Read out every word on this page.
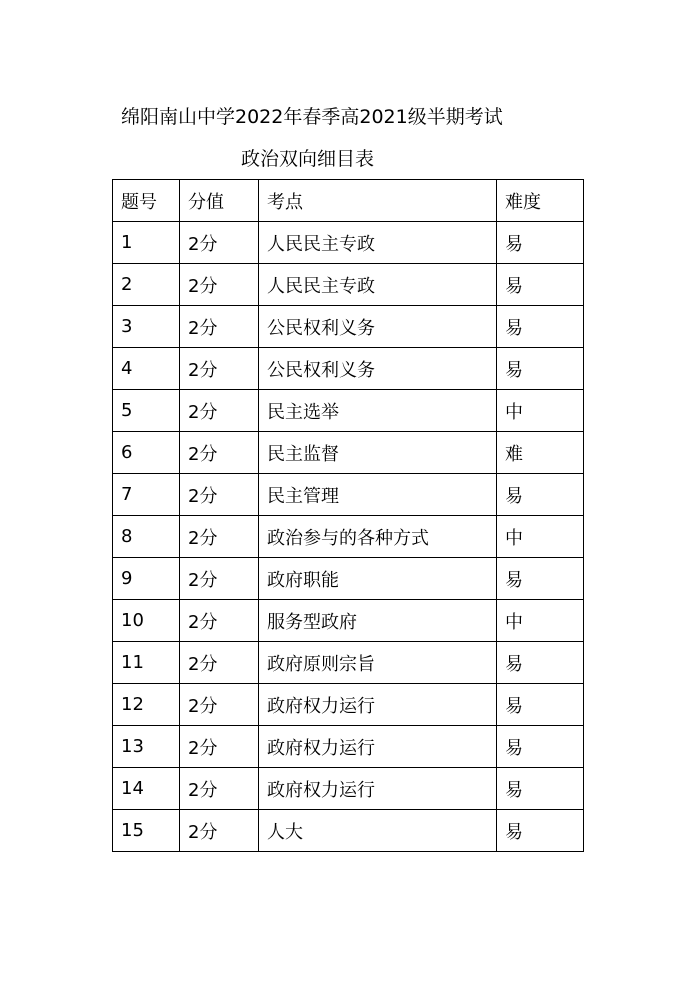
绵阳南山中学2022年春季高2021级半期考试
政治双向细目表
题号	分值	考点	难度
1	2分	人民民主专政	易
2	2分	人民民主专政	易
3	2分	公民权利义务	易
4	2分	公民权利义务	易
5	2分	民主选举	中
6	2分	民主监督	难
7	2分	民主管理	易
8	2分	政治参与的各种方式	中
9	2分	政府职能	易
10	2分	服务型政府	中
11	2分	政府原则宗旨	易
12	2分	政府权力运行	易
13	2分	政府权力运行	易
14	2分	政府权力运行	易
15	2分	人大	易
